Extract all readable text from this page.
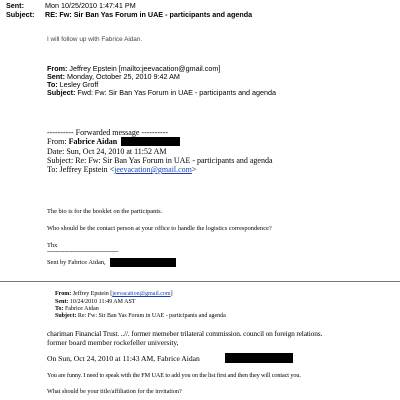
Sent:	Mon 10/25/2010 1:47:41 PM
Subject: RE: Fw: Sir Ban Yas Forum in UAE - participants and agenda
I will follow up with Fabrice Aidan.
From: Jeffrey Epstein [mailto:jeevacation@gmail.com]
Sent: Monday, October 25, 2010 9:42 AM
To: Lesley Groff
Subject: Fwd: Fw: Sir Ban Yas Forum in UAE - participants and agenda
---------- Forwarded message ----------
From: Fabrice Aidan
Date: Sun, Oct 24, 2010 at 11:52 AM
Subject: Re: Fw: Sir Ban Yas Forum in UAE - participants and agenda
To: Jeffrey Epstein <jeevacation@gmail.com>
The bio is for the booklet on the participants.
Who should be the contact person at your office to handle the logistics correspondence?
Thx
------------------------------------------
Sent by Fabrice Aidan,
From: Jeffrey Epstein [jeevacation@gmail.com]
Sent: 10/24/2010 11:49 AM AST
To: Fabrice Aidan
Subject: Re: Fw: Sir Ban Yas Forum in UAE - participants and agenda
chariman Financial Trust. ..//. former memeber trilateral commission. council on foreign relations.
former board member rockefeller university,
On Sun, Oct 24, 2010 at 11:43 AM, Fabrice Aidan
You are funny. I need to speak with the FM UAE to add you on the list first and then they will contact you.
What should be your title/affiliation for the invitation?
